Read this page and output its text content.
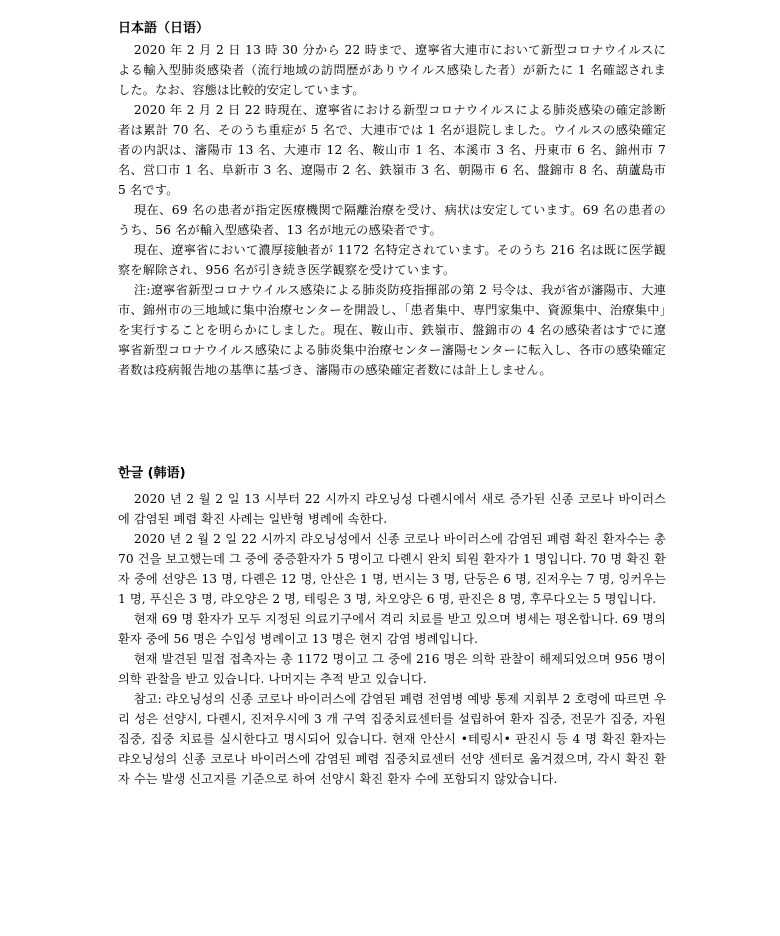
日本語（日语）

2020 年 2 月 2 日 13 時 30 分から 22 時まで、遼寧省大連市において新型コロナウイルスによる輸入型肺炎感染者（流行地域の訪問歴がありウイルス感染した者）が新たに 1 名確認されました。なお、容態は比較的安定しています。

2020 年 2 月 2 日 22 時現在、遼寧省における新型コロナウイルスによる肺炎感染の確定診断者は累計 70 名、そのうち重症が 5 名で、大連市では 1 名が退院しました。ウイルスの感染確定者の内訳は、瀋陽市 13 名、大連市 12 名、鞍山市 1 名、本溪市 3 名、丹東市 6 名、錦州市 7 名、営口市 1 名、阜新市 3 名、遼陽市 2 名、鉄嶺市 3 名、朝陽市 6 名、盤錦市 8 名、葫蘆島市 5 名です。

現在、69 名の患者が指定医療機関で隔離治療を受け、病状は安定しています。69 名の患者のうち、56 名が輸入型感染者、13 名が地元の感染者です。

現在、遼寧省において濃厚接触者が 1172 名特定されています。そのうち 216 名は既に医学観察を解除され、956 名が引き続き医学観察を受けています。

注:遼寧省新型コロナウイルス感染による肺炎防疫指揮部の第 2 号令は、我が省が瀋陽市、大連市、錦州市の三地域に集中治療センターを開設し、「患者集中、専門家集中、資源集中、治療集中」を実行することを明らかにしました。現在、鞍山市、鉄嶺市、盤錦市の 4 名の感染者はすでに遼寧省新型コロナウイルス感染による肺炎集中治療センター瀋陽センターに転入し、各市の感染確定者数は疫病報告地の基準に基づき、瀋陽市の感染確定者数には計上しません。

한글 (韩语)

2020 년 2 월 2 일 13 시부터 22 시까지 랴오닝성 다롄시에서 새로 증가된 신종 코로나 바이러스에 감염된 폐렴 확진 사례는 일반형 병례에 속한다.

2020 년 2 월 2 일 22 시까지 랴오닝성에서 신종 코로나 바이러스에 감염된 폐렴 확진 환자수는 총 70 건을 보고했는데 그 중에 중증환자가 5 명이고 다롄시 완치 퇴원 환자가 1 명입니다. 70 명 확진 환자 중에 선양은 13 명, 다롄은 12 명, 안산은 1 명, 번시는 3 명, 단둥은 6 명, 진저우는 7 명, 잉커우는 1 명, 푸신은 3 명, 랴오양은 2 명, 테링은 3 명, 차오양은 6 명, 판진은 8 명, 후루다오는 5 명입니다.

현재 69 명 환자가 모두 지정된 의료기구에서 격리 치료를 받고 있으며 병세는 평온합니다. 69 명의 환자 중에 56 명은 수입성 병례이고 13 명은 현지 감염 병례입니다.

현재 발견된 밀접 접촉자는 총 1172 명이고 그 중에 216 명은 의학 관찰이 해제되었으며 956 명이 의학 관찰을 받고 있습니다. 나머지는 추적 받고 있습니다.

참고: 랴오닝성의 신종 코로나 바이러스에 감염된 폐렴 전염병 예방 통제 지휘부 2 호령에 따르면 우리 성은 선양시, 다롄시, 진저우시에 3 개 구역 집중치료센터를 설립하여 환자 집중, 전문가 집중, 자원 집중, 집중 치료를 실시한다고 명시되어 있습니다. 현재 안산시 •테링시• 판진시 등 4 명 확진 환자는 랴오닝성의 신종 코로나 바이러스에 감염된 폐렴 집중치료센터 선양 센터로 옮겨졌으며, 각시 확진 환자 수는 발생 신고지를 기준으로 하여 선양시 확진 환자 수에 포함되지 않았습니다.
